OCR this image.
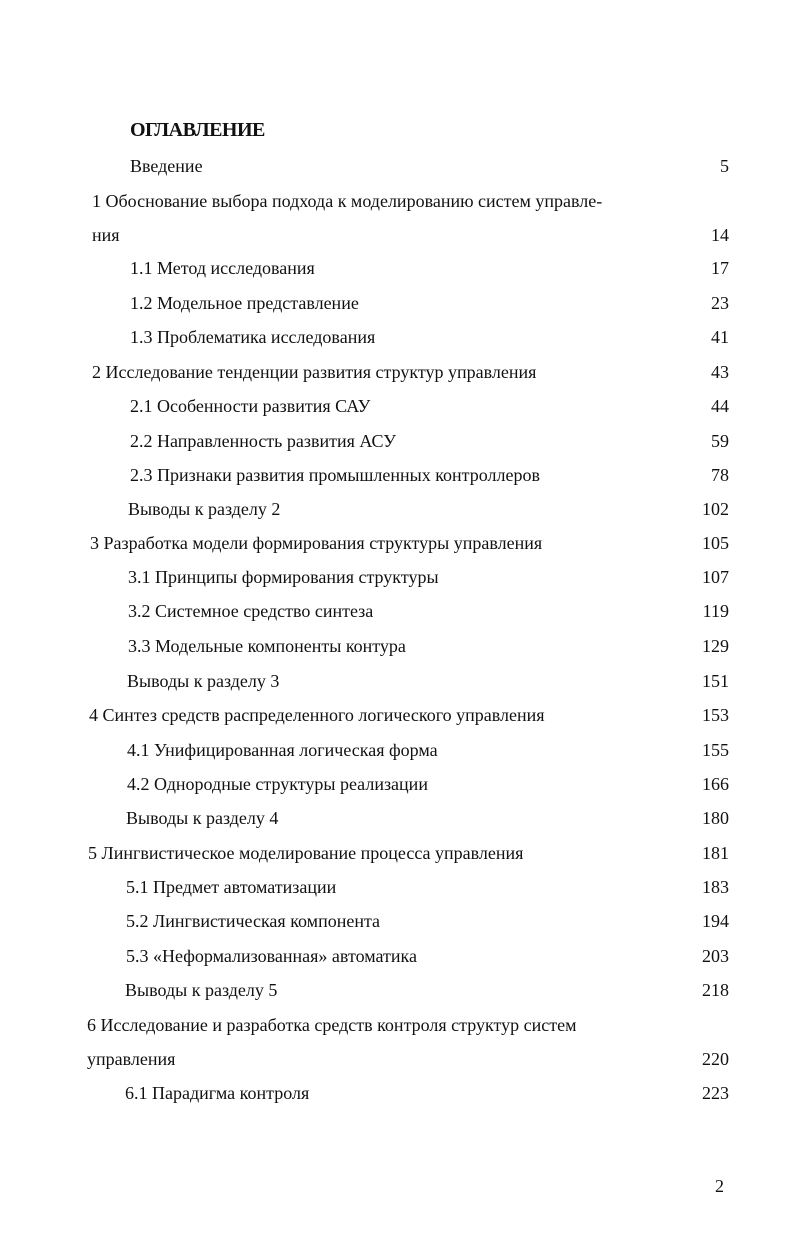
ОГЛАВЛЕНИЕ
Введение	5
1 Обоснование выбора подхода к моделированию систем управле-
ния	14
1.1 Метод исследования	17
1.2 Модельное представление	23
1.3 Проблематика исследования	41
2 Исследование тенденции развития структур управления	43
2.1 Особенности развития САУ	44
2.2 Направленность развития АСУ	59
2.3 Признаки развития промышленных контроллеров	78
Выводы к разделу 2	102
3 Разработка модели формирования структуры управления	105
3.1 Принципы формирования структуры	107
3.2 Системное средство синтеза	119
3.3 Модельные компоненты контура	129
Выводы к разделу 3	151
4 Синтез средств распределенного логического управления	153
4.1 Унифицированная логическая форма	155
4.2 Однородные структуры реализации	166
Выводы к разделу 4	180
5 Лингвистическое моделирование процесса управления	181
5.1 Предмет автоматизации	183
5.2 Лингвистическая компонента	194
5.3 «Неформализованная» автоматика	203
Выводы к разделу 5	218
6 Исследование и разработка средств контроля структур систем
управления	220
6.1 Парадигма контроля	223
2
